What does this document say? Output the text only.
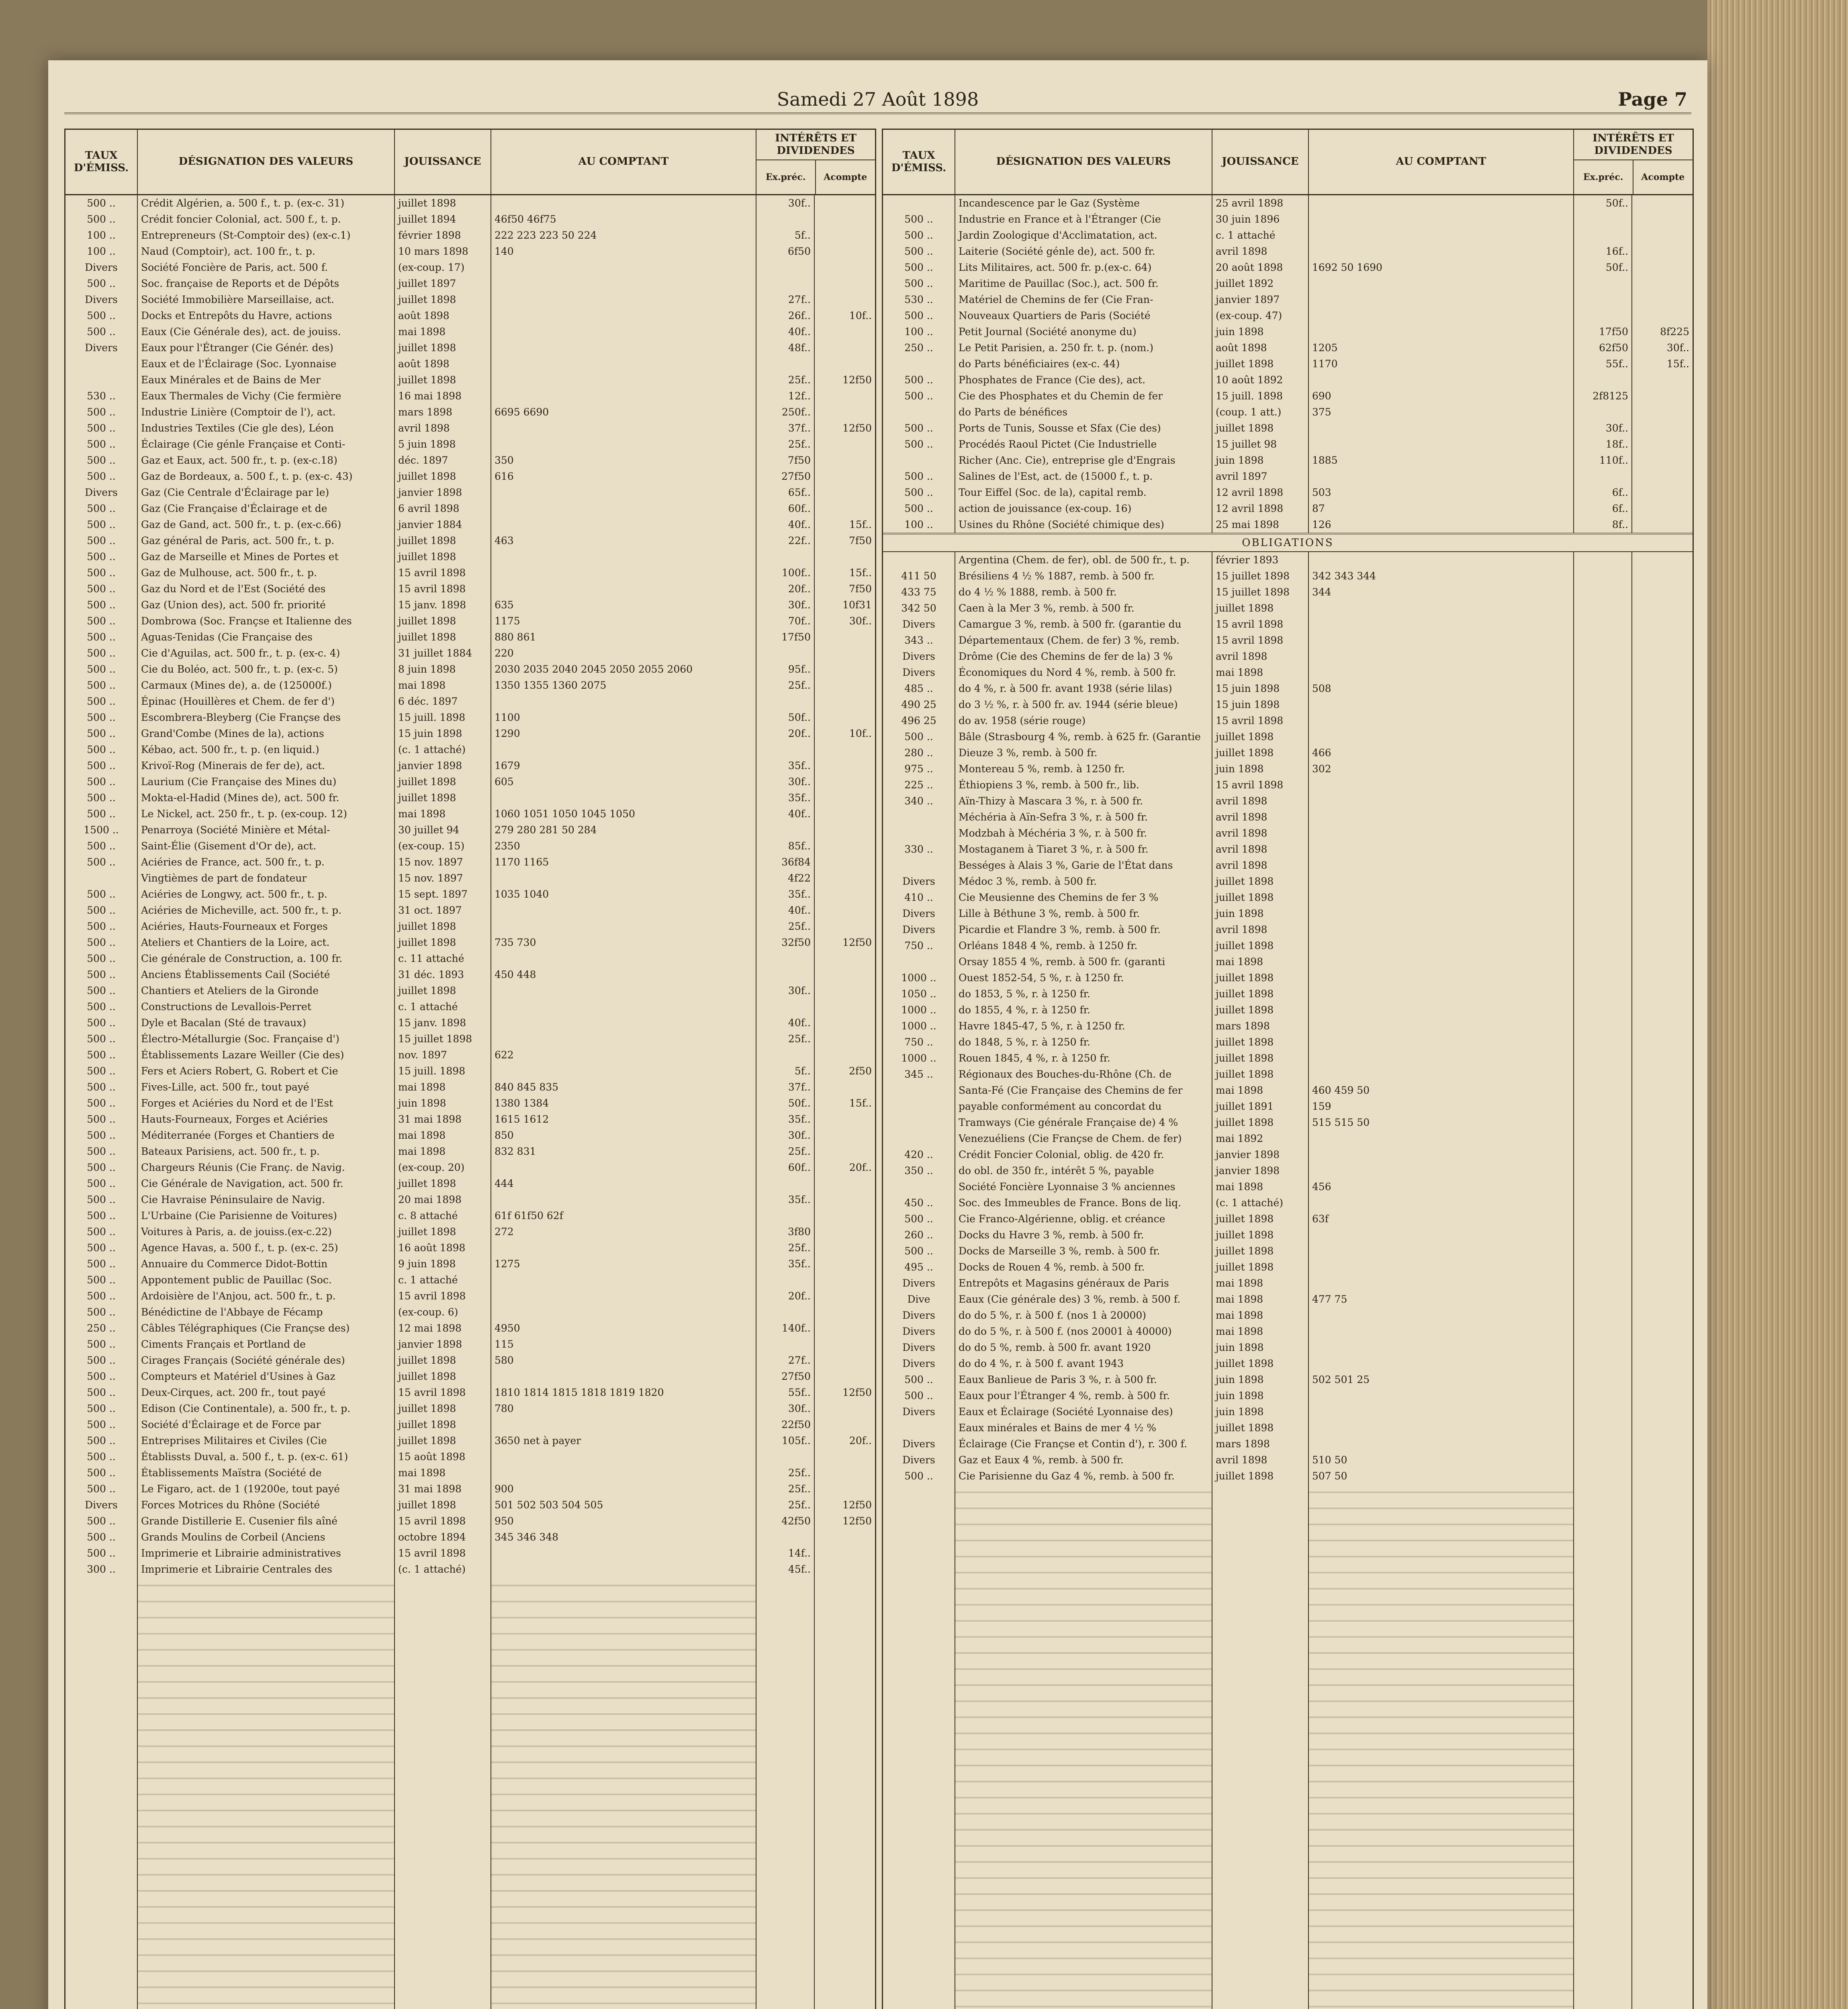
Samedi 27 Août 1898	Page 7
TAUX D'ÉMISS.
DÉSIGNATION DES VALEURS	JOUISSANCE	AU COMPTANT
INTÉRÊTS ET DIVIDENDES
Ex.préc.	Acompte
500 ..	Crédit Algérien, a. 500 f., t. p. (ex-c. 31)	juillet 1898	30f..
500 ..	Crédit foncier Colonial, act. 500 f., t. p.	juillet 1894	46f50 46f75
100 ..	Entrepreneurs (St-Comptoir des) (ex-c.1)	février 1898	222 223 223 50 224	5f..
100 ..	Naud (Comptoir), act. 100 fr., t. p.	10 mars 1898	140	6f50
Divers	Société Foncière de Paris, act. 500 f.	(ex-coup. 17)
500 ..	Soc. française de Reports et de Dépôts	juillet 1897
Divers	Société Immobilière Marseillaise, act.	juillet 1898	27f..
500 ..	Docks et Entrepôts du Havre, actions	août 1898	26f..	10f..
500 ..	Eaux (Cie Générale des), act. de jouiss.	mai 1898	40f..
Divers	Eaux pour l'Étranger (Cie Génér. des)	juillet 1898	48f..
Eaux et de l'Éclairage (Soc. Lyonnaise	août 1898
Eaux Minérales et de Bains de Mer	juillet 1898	25f..	12f50
530 ..	Eaux Thermales de Vichy (Cie fermière	16 mai 1898	12f..
500 ..	Industrie Linière (Comptoir de l'), act.	mars 1898	6695 6690	250f..
500 ..	Industries Textiles (Cie gle des), Léon	avril 1898	37f..	12f50
500 ..	Éclairage (Cie génle Française et Conti-	5 juin 1898	25f..
500 ..	Gaz et Eaux, act. 500 fr., t. p. (ex-c.18)	déc. 1897	350	7f50
500 ..	Gaz de Bordeaux, a. 500 f., t. p. (ex-c. 43)	juillet 1898	616	27f50
Divers	Gaz (Cie Centrale d'Éclairage par le)	janvier 1898	65f..
500 ..	Gaz (Cie Française d'Éclairage et de	6 avril 1898	60f..
500 ..	Gaz de Gand, act. 500 fr., t. p. (ex-c.66)	janvier 1884	40f..	15f..
500 ..	Gaz général de Paris, act. 500 fr., t. p.	juillet 1898	463	22f..	7f50
500 ..	Gaz de Marseille et Mines de Portes et	juillet 1898
500 ..	Gaz de Mulhouse, act. 500 fr., t. p.	15 avril 1898	100f..	15f..
500 ..	Gaz du Nord et de l'Est (Société des	15 avril 1898	20f..	7f50
500 ..	Gaz (Union des), act. 500 fr. priorité	15 janv. 1898	635	30f..	10f31
500 ..	Dombrowa (Soc. Françse et Italienne des	juillet 1898	1175	70f..	30f..
500 ..	Aguas-Tenidas (Cie Française des	juillet 1898	880 861	17f50
500 ..	Cie d'Aguilas, act. 500 fr., t. p. (ex-c. 4)	31 juillet 1884	220
500 ..	Cie du Boléo, act. 500 fr., t. p. (ex-c. 5)	8 juin 1898	2030 2035 2040 2045 2050 2055 2060	95f..
500 ..	Carmaux (Mines de), a. de (125000f.)	mai 1898	1350 1355 1360 2075	25f..
500 ..	Épinac (Houillères et Chem. de fer d')	6 déc. 1897
500 ..	Escombrera-Bleyberg (Cie Françse des	15 juill. 1898	1100	50f..
500 ..	Grand'Combe (Mines de la), actions	15 juin 1898	1290	20f..	10f..
500 ..	Kébao, act. 500 fr., t. p. (en liquid.)	(c. 1 attaché)
500 ..	Krivoï-Rog (Minerais de fer de), act.	janvier 1898	1679	35f..
500 ..	Laurium (Cie Française des Mines du)	juillet 1898	605	30f..
500 ..	Mokta-el-Hadid (Mines de), act. 500 fr.	juillet 1898	35f..
500 ..	Le Nickel, act. 250 fr., t. p. (ex-coup. 12)	mai 1898	1060 1051 1050 1045 1050	40f..
1500 ..	Penarroya (Société Minière et Métal-	30 juillet 94	279 280 281 50 284
500 ..	Saint-Élie (Gisement d'Or de), act.	(ex-coup. 15)	2350	85f..
500 ..	Aciéries de France, act. 500 fr., t. p.	15 nov. 1897	1170 1165	36f84
Vingtièmes de part de fondateur	15 nov. 1897	4f22
500 ..	Aciéries de Longwy, act. 500 fr., t. p.	15 sept. 1897	1035 1040	35f..
500 ..	Aciéries de Micheville, act. 500 fr., t. p.	31 oct. 1897	40f..
500 ..	Aciéries, Hauts-Fourneaux et Forges	juillet 1898	25f..
500 ..	Ateliers et Chantiers de la Loire, act.	juillet 1898	735 730	32f50	12f50
500 ..	Cie générale de Construction, a. 100 fr.	c. 11 attaché
500 ..	Anciens Établissements Cail (Société	31 déc. 1893	450 448
500 ..	Chantiers et Ateliers de la Gironde	juillet 1898	30f..
500 ..	Constructions de Levallois-Perret	c. 1 attaché
500 ..	Dyle et Bacalan (Sté de travaux)	15 janv. 1898	40f..
500 ..	Électro-Métallurgie (Soc. Française d')	15 juillet 1898	25f..
500 ..	Établissements Lazare Weiller (Cie des)	nov. 1897	622
500 ..	Fers et Aciers Robert, G. Robert et Cie	15 juill. 1898	5f..	2f50
500 ..	Fives-Lille, act. 500 fr., tout payé	mai 1898	840 845 835	37f..
500 ..	Forges et Aciéries du Nord et de l'Est	juin 1898	1380 1384	50f..	15f..
500 ..	Hauts-Fourneaux, Forges et Aciéries	31 mai 1898	1615 1612	35f..
500 ..	Méditerranée (Forges et Chantiers de	mai 1898	850	30f..
500 ..	Bateaux Parisiens, act. 500 fr., t. p.	mai 1898	832 831	25f..
500 ..	Chargeurs Réunis (Cie Franç. de Navig.	(ex-coup. 20)	60f..	20f..
500 ..	Cie Générale de Navigation, act. 500 fr.	juillet 1898	444
500 ..	Cie Havraise Péninsulaire de Navig.	20 mai 1898	35f..
500 ..	L'Urbaine (Cie Parisienne de Voitures)	c. 8 attaché	61f 61f50 62f
500 ..	Voitures à Paris, a. de jouiss.(ex-c.22)	juillet 1898	272	3f80
500 ..	Agence Havas, a. 500 f., t. p. (ex-c. 25)	16 août 1898	25f..
500 ..	Annuaire du Commerce Didot-Bottin	9 juin 1898	1275	35f..
500 ..	Appontement public de Pauillac (Soc.	c. 1 attaché
500 ..	Ardoisière de l'Anjou, act. 500 fr., t. p.	15 avril 1898	20f..
500 ..	Bénédictine de l'Abbaye de Fécamp	(ex-coup. 6)
250 ..	Câbles Télégraphiques (Cie Françse des)	12 mai 1898	4950	140f..
500 ..	Ciments Français et Portland de	janvier 1898	115
500 ..	Cirages Français (Société générale des)	juillet 1898	580	27f..
500 ..	Compteurs et Matériel d'Usines à Gaz	juillet 1898	27f50
500 ..	Deux-Cirques, act. 200 fr., tout payé	15 avril 1898	1810 1814 1815 1818 1819 1820	55f..	12f50
500 ..	Edison (Cie Continentale), a. 500 fr., t. p.	juillet 1898	780	30f..
500 ..	Société d'Éclairage et de Force par	juillet 1898	22f50
500 ..	Entreprises Militaires et Civiles (Cie	juillet 1898	3650 net à payer	105f..	20f..
500 ..	Établissts Duval, a. 500 f., t. p. (ex-c. 61)	15 août 1898
500 ..	Établissements Maïstra (Société de	mai 1898	25f..
500 ..	Le Figaro, act. de 1 (19200e, tout payé	31 mai 1898	900	25f..
Divers	Forces Motrices du Rhône (Société	juillet 1898	501 502 503 504 505	25f..	12f50
500 ..	Grande Distillerie E. Cusenier fils aîné	15 avril 1898	950	42f50	12f50
500 ..	Grands Moulins de Corbeil (Anciens	octobre 1894	345 346 348
500 ..	Imprimerie et Librairie administratives	15 avril 1898	14f..
300 ..	Imprimerie et Librairie Centrales des	(c. 1 attaché)	45f..
TAUX D'ÉMISS.
DÉSIGNATION DES VALEURS	JOUISSANCE	AU COMPTANT
INTÉRÊTS ET DIVIDENDES
Ex.préc.	Acompte
Incandescence par le Gaz (Système	25 avril 1898	50f..
500 ..	Industrie en France et à l'Étranger (Cie	30 juin 1896
500 ..	Jardin Zoologique d'Acclimatation, act.	c. 1 attaché
500 ..	Laiterie (Société génle de), act. 500 fr.	avril 1898	16f..
500 ..	Lits Militaires, act. 500 fr. p.(ex-c. 64)	20 août 1898	1692 50 1690	50f..
500 ..	Maritime de Pauillac (Soc.), act. 500 fr.	juillet 1892
530 ..	Matériel de Chemins de fer (Cie Fran-	janvier 1897
500 ..	Nouveaux Quartiers de Paris (Société	(ex-coup. 47)
100 ..	Petit Journal (Société anonyme du)	juin 1898	17f50	8f225
250 ..	Le Petit Parisien, a. 250 fr. t. p. (nom.)	août 1898	1205	62f50	30f..
do Parts bénéficiaires (ex-c. 44)	juillet 1898	1170	55f..	15f..
500 ..	Phosphates de France (Cie des), act.	10 août 1892
500 ..	Cie des Phosphates et du Chemin de fer	15 juill. 1898	690	2f8125
do Parts de bénéfices	(coup. 1 att.)	375
500 ..	Ports de Tunis, Sousse et Sfax (Cie des)	juillet 1898	30f..
500 ..	Procédés Raoul Pictet (Cie Industrielle	15 juillet 98	18f..
Richer (Anc. Cie), entreprise gle d'Engrais	juin 1898	1885	110f..
500 ..	Salines de l'Est, act. de (15000 f., t. p.	avril 1897
500 ..	Tour Eiffel (Soc. de la), capital remb.	12 avril 1898	503	6f..
500 ..	action de jouissance (ex-coup. 16)	12 avril 1898	87	6f..
100 ..	Usines du Rhône (Société chimique des)	25 mai 1898	126	8f..
OBLIGATIONS
Argentina (Chem. de fer), obl. de 500 fr., t. p.	février 1893
411 50	Brésiliens 4 ½ % 1887, remb. à 500 fr.	15 juillet 1898	342 343 344
433 75	do 4 ½ % 1888, remb. à 500 fr.	15 juillet 1898	344
342 50	Caen à la Mer 3 %, remb. à 500 fr.	juillet 1898
Divers	Camargue 3 %, remb. à 500 fr. (garantie du	15 avril 1898
343 ..	Départementaux (Chem. de fer) 3 %, remb.	15 avril 1898
Divers	Drôme (Cie des Chemins de fer de la) 3 %	avril 1898
Divers	Économiques du Nord 4 %, remb. à 500 fr.	mai 1898
485 ..	do 4 %, r. à 500 fr. avant 1938 (série lilas)	15 juin 1898	508
490 25	do 3 ½ %, r. à 500 fr. av. 1944 (série bleue)	15 juin 1898
496 25	do av. 1958 (série rouge)	15 avril 1898
500 ..	Bâle (Strasbourg 4 %, remb. à 625 fr. (Garantie	juillet 1898
280 ..	Dieuze 3 %, remb. à 500 fr.	juillet 1898	466
975 ..	Montereau 5 %, remb. à 1250 fr.	juin 1898	302
225 ..	Éthiopiens 3 %, remb. à 500 fr., lib.	15 avril 1898
340 ..	Aïn-Thizy à Mascara 3 %, r. à 500 fr.	avril 1898
Méchéria à Aïn-Sefra 3 %, r. à 500 fr.	avril 1898
Modzbah à Méchéria 3 %, r. à 500 fr.	avril 1898
330 ..	Mostaganem à Tiaret 3 %, r. à 500 fr.	avril 1898
Bességes à Alais 3 %, Garie de l'État dans	avril 1898
Divers	Médoc 3 %, remb. à 500 fr.	juillet 1898
410 ..	Cie Meusienne des Chemins de fer 3 %	juillet 1898
Divers	Lille à Béthune 3 %, remb. à 500 fr.	juin 1898
Divers	Picardie et Flandre 3 %, remb. à 500 fr.	avril 1898
750 ..	Orléans 1848 4 %, remb. à 1250 fr.	juillet 1898
Orsay 1855 4 %, remb. à 500 fr. (garanti	mai 1898
1000 ..	Ouest 1852-54, 5 %, r. à 1250 fr.	juillet 1898
1050 ..	do 1853, 5 %, r. à 1250 fr.	juillet 1898
1000 ..	do 1855, 4 %, r. à 1250 fr.	juillet 1898
1000 ..	Havre 1845-47, 5 %, r. à 1250 fr.	mars 1898
750 ..	do 1848, 5 %, r. à 1250 fr.	juillet 1898
1000 ..	Rouen 1845, 4 %, r. à 1250 fr.	juillet 1898
345 ..	Régionaux des Bouches-du-Rhône (Ch. de	juillet 1898
Santa-Fé (Cie Française des Chemins de fer	mai 1898	460 459 50
payable conformément au concordat du	juillet 1891	159
Tramways (Cie générale Française de) 4 %	juillet 1898	515 515 50
Venezuéliens (Cie Françse de Chem. de fer)	mai 1892
420 ..	Crédit Foncier Colonial, oblig. de 420 fr.	janvier 1898
350 ..	do obl. de 350 fr., intérêt 5 %, payable	janvier 1898
Société Foncière Lyonnaise 3 % anciennes	mai 1898	456
450 ..	Soc. des Immeubles de France. Bons de liq.	(c. 1 attaché)
500 ..	Cie Franco-Algérienne, oblig. et créance	juillet 1898	63f
260 ..	Docks du Havre 3 %, remb. à 500 fr.	juillet 1898
500 ..	Docks de Marseille 3 %, remb. à 500 fr.	juillet 1898
495 ..	Docks de Rouen 4 %, remb. à 500 fr.	juillet 1898
Divers	Entrepôts et Magasins généraux de Paris	mai 1898
Dive	Eaux (Cie générale des) 3 %, remb. à 500 f.	mai 1898	477 75
Divers	do do 5 %, r. à 500 f. (nos 1 à 20000)	mai 1898
Divers	do do 5 %, r. à 500 f. (nos 20001 à 40000)	mai 1898
Divers	do do 5 %, remb. à 500 fr. avant 1920	juin 1898
Divers	do do 4 %, r. à 500 f. avant 1943	juillet 1898
500 ..	Eaux Banlieue de Paris 3 %, r. à 500 fr.	juin 1898	502 501 25
500 ..	Eaux pour l'Étranger 4 %, remb. à 500 fr.	juin 1898
Divers	Eaux et Éclairage (Société Lyonnaise des)	juin 1898
Eaux minérales et Bains de mer 4 ½ %	juillet 1898
Divers	Éclairage (Cie Françse et Contin d'), r. 300 f.	mars 1898
Divers	Gaz et Eaux 4 %, remb. à 500 fr.	avril 1898	510 50
500 ..	Cie Parisienne du Gaz 4 %, remb. à 500 fr.	juillet 1898	507 50
